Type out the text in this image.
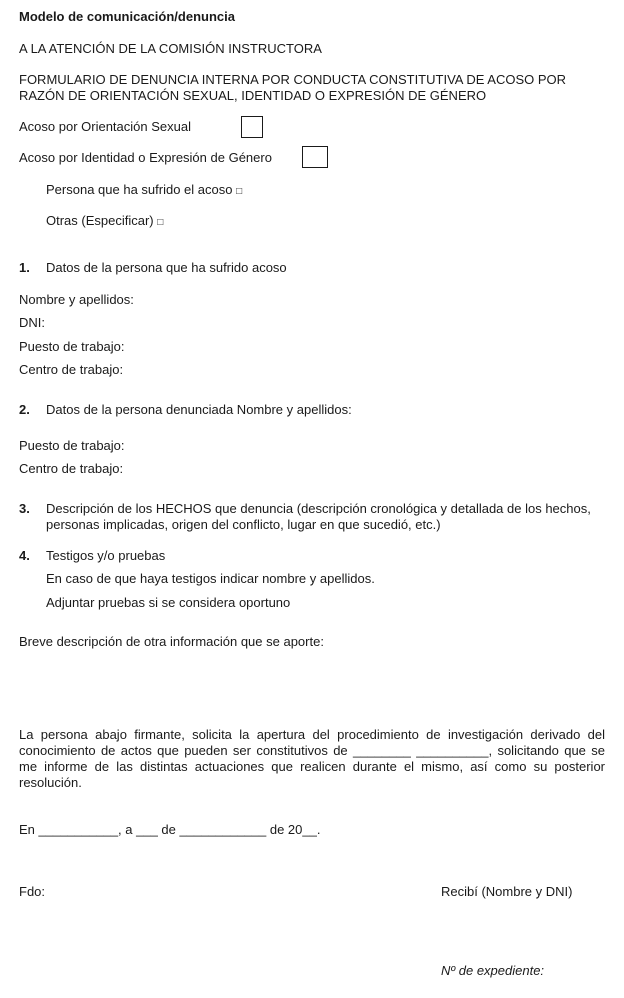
Modelo de comunicación/denuncia
A LA ATENCIÓN DE LA COMISIÓN INSTRUCTORA
FORMULARIO DE DENUNCIA INTERNA POR CONDUCTA CONSTITUTIVA DE ACOSO POR
RAZÓN DE ORIENTACIÓN SEXUAL, IDENTIDAD O EXPRESIÓN DE GÉNERO
Acoso por Orientación Sexual
Acoso por Identidad o Expresión de Género
Persona que ha sufrido el acoso □
Otras (Especificar) □
1. Datos de la persona que ha sufrido acoso
Nombre y apellidos:
DNI:
Puesto de trabajo:
Centro de trabajo:
2. Datos de la persona denunciada Nombre y apellidos:
Puesto de trabajo:
Centro de trabajo:
3. Descripción de los HECHOS que denuncia (descripción cronológica y detallada de los hechos,
personas implicadas, origen del conflicto, lugar en que sucedió, etc.)
4. Testigos y/o pruebas
En caso de que haya testigos indicar nombre y apellidos.
Adjuntar pruebas si se considera oportuno
Breve descripción de otra información que se aporte:
La persona abajo firmante, solicita la apertura del procedimiento de investigación derivado del
conocimiento de actos que pueden ser constitutivos de ________ __________, solicitando que se
me informe de las distintas actuaciones que realicen durante el mismo, así como su posterior
resolución.
En ___________, a ___ de ____________ de 20__.
Fdo:	Recibí (Nombre y DNI)
Nº de expediente:
